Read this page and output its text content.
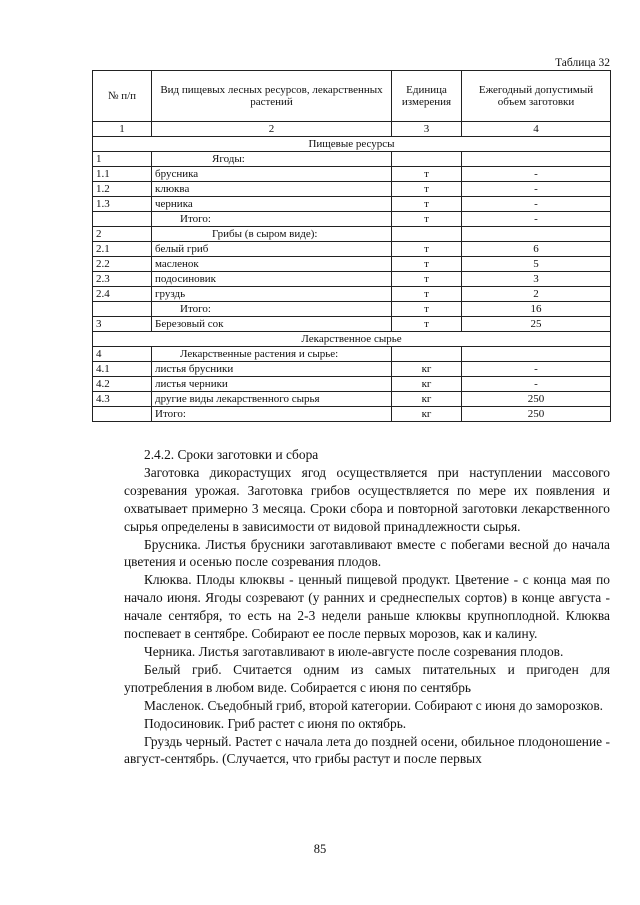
Таблица 32
№ п/п	Вид пищевых лесных ресурсов, лекарственных растений	Единица измерения	Ежегодный допустимый объем заготовки
1	2	3	4
Пищевые ресурсы			
1	Ягоды:		
1.1	брусника	т	-
1.2	клюква	т	-
1.3	черника	т	-
	Итого:	т	-
2	Грибы (в сыром виде):		
2.1	белый гриб	т	6
2.2	масленок	т	5
2.3	подосиновик	т	3
2.4	груздь	т	2
	Итого:	т	16
3	Березовый сок	т	25
Лекарственное сырье			
4	Лекарственные растения и сырье:		
4.1	листья брусники	кг	-
4.2	листья черники	кг	-
4.3	другие виды лекарственного сырья	кг	250
	Итого:	кг	250

2.4.2. Сроки заготовки и сбора

Заготовка дикорастущих ягод осуществляется при наступлении массового созревания урожая. Заготовка грибов осуществляется по мере их появления и охватывает примерно 3 месяца. Сроки сбора и повторной заготовки лекарственного сырья определены в зависимости от видовой принадлежности сырья.

Брусника. Листья брусники заготавливают вместе с побегами весной до начала цветения и осенью после созревания плодов.

Клюква. Плоды клюквы - ценный пищевой продукт. Цветение - с конца мая по начало июня. Ягоды созревают (у ранних и среднеспелых сортов) в конце августа - начале сентября, то есть на 2-3 недели раньше клюквы крупноплодной. Клюква поспевает в сентябре. Собирают ее после первых морозов, как и калину.

Черника. Листья заготавливают в июле-августе после созревания плодов.

Белый гриб. Считается одним из самых питательных и пригоден для употребления в любом виде. Собирается с июня по сентябрь

Масленок. Съедобный гриб, второй категории. Собирают с июня до заморозков.

Подосиновик. Гриб растет с июня по октябрь.

Груздь черный. Растет с начала лета до поздней осени, обильное плодоношение - август-сентябрь. (Случается, что грибы растут и после первых

85
